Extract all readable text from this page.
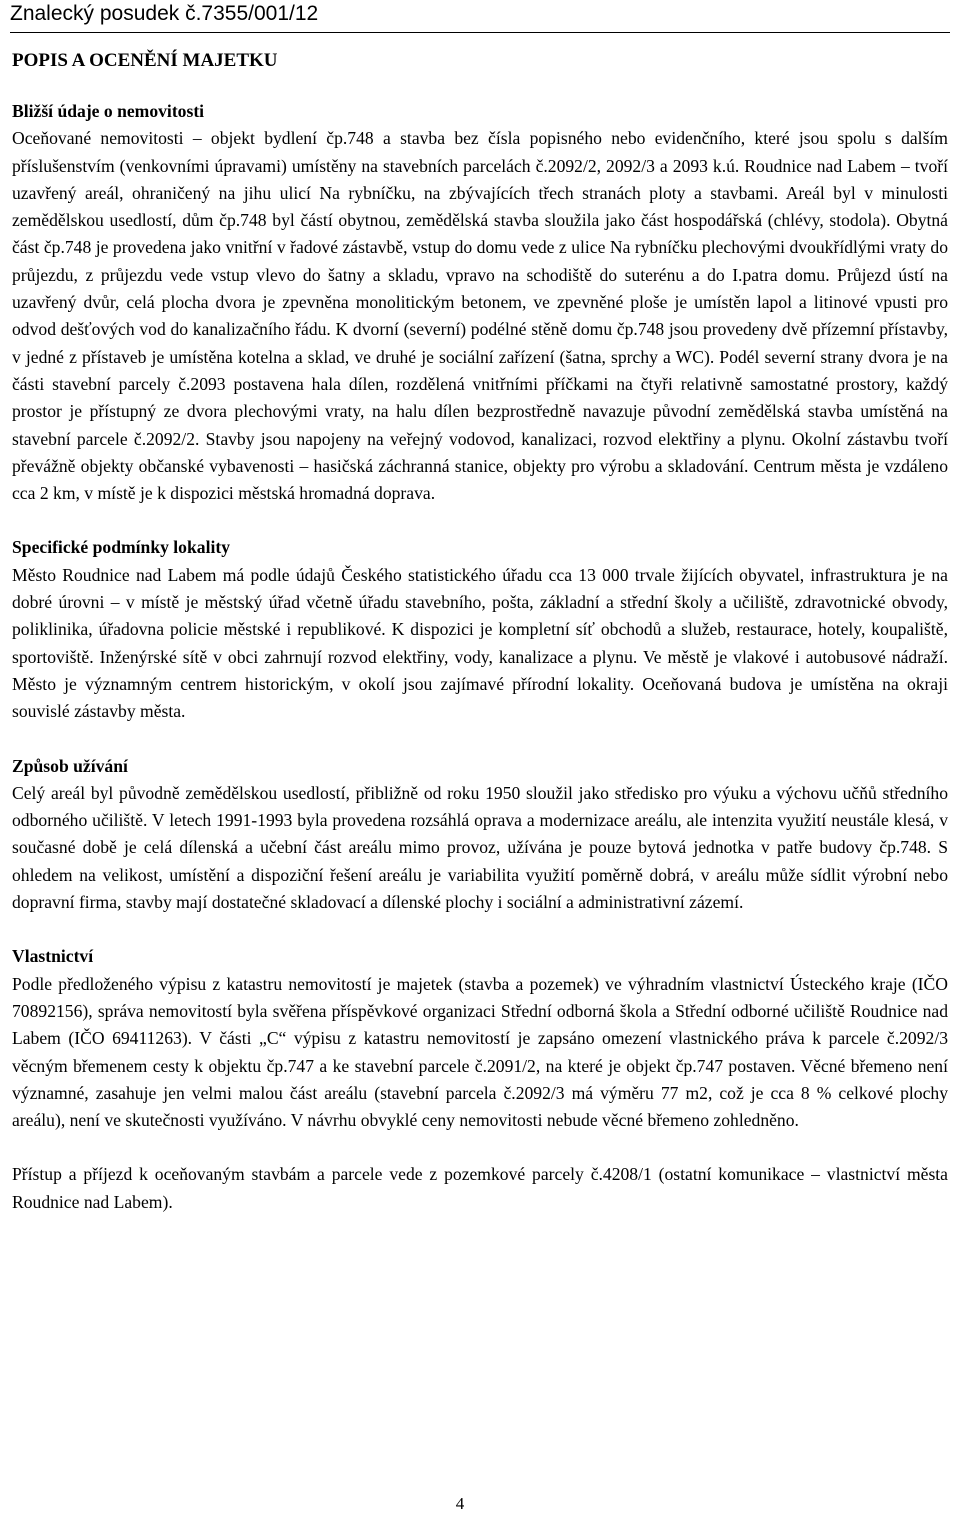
Znalecký posudek č.7355/001/12
POPIS A OCENĚNÍ MAJETKU
Bližší údaje o nemovitosti

Oceňované nemovitosti – objekt bydlení čp.748 a stavba bez čísla popisného nebo evidenčního, které jsou spolu s dalším příslušenstvím (venkovními úpravami) umístěny na stavebních parcelách č.2092/2, 2092/3 a 2093 k.ú. Roudnice nad Labem – tvoří uzavřený areál, ohraničený na jihu ulicí Na rybníčku, na zbývajících třech stranách ploty a stavbami. Areál byl v minulosti zemědělskou usedlostí, dům čp.748 byl částí obytnou, zemědělská stavba sloužila jako část hospodářská (chlévy, stodola). Obytná část čp.748 je provedena jako vnitřní v řadové zástavbě, vstup do domu vede z ulice Na rybníčku plechovými dvoukřídlými vraty do průjezdu, z průjezdu vede vstup vlevo do šatny a skladu, vpravo na schodiště do suterénu a do I.patra domu. Průjezd ústí na uzavřený dvůr, celá plocha dvora je zpevněna monolitickým betonem, ve zpevněné ploše je umístěn lapol a litinové vpusti pro odvod dešťových vod do kanalizačního řádu. K dvorní (severní) podélné stěně domu čp.748 jsou provedeny dvě přízemní přístavby, v jedné z přístaveb je umístěna kotelna a sklad, ve druhé je sociální zařízení (šatna, sprchy a WC). Podél severní strany dvora je na části stavební parcely č.2093 postavena hala dílen, rozdělená vnitřními příčkami na čtyři relativně samostatné prostory, každý prostor je přístupný ze dvora plechovými vraty, na halu dílen bezprostředně navazuje původní zemědělská stavba umístěná na stavební parcele č.2092/2. Stavby jsou napojeny na veřejný vodovod, kanalizaci, rozvod elektřiny a plynu. Okolní zástavbu tvoří převážně objekty občanské vybavenosti – hasičská záchranná stanice, objekty pro výrobu a skladování. Centrum města je vzdáleno cca 2 km, v místě je k dispozici městská hromadná doprava.

Specifické podmínky lokality

Město Roudnice nad Labem má podle údajů Českého statistického úřadu cca 13 000 trvale žijících obyvatel, infrastruktura je na dobré úrovni – v místě je městský úřad včetně úřadu stavebního, pošta, základní a střední školy a učiliště, zdravotnické obvody, poliklinika, úřadovna policie městské i republikové. K dispozici je kompletní síť obchodů a služeb, restaurace, hotely, koupaliště, sportoviště. Inženýrské sítě v obci zahrnují rozvod elektřiny, vody, kanalizace a plynu. Ve městě je vlakové i autobusové nádraží. Město je významným centrem historickým, v okolí jsou zajímavé přírodní lokality. Oceňovaná budova je umístěna na okraji souvislé zástavby města.

Způsob užívání

Celý areál byl původně zemědělskou usedlostí, přibližně od roku 1950 sloužil jako středisko pro výuku a výchovu učňů středního odborného učiliště. V letech 1991-1993 byla provedena rozsáhlá oprava a modernizace areálu, ale intenzita využití neustále klesá, v současné době je celá dílenská a učební část areálu mimo provoz, užívána je pouze bytová jednotka v patře budovy čp.748. S ohledem na velikost, umístění a dispoziční řešení areálu je variabilita využití poměrně dobrá, v areálu může sídlit výrobní nebo dopravní firma, stavby mají dostatečné skladovací a dílenské plochy i sociální a administrativní zázemí.

Vlastnictví

Podle předloženého výpisu z katastru nemovitostí je majetek (stavba a pozemek) ve výhradním vlastnictví Ústeckého kraje (IČO 70892156), správa nemovitostí byla svěřena příspěvkové organizaci Střední odborná škola a Střední odborné učiliště Roudnice nad Labem (IČO 69411263). V části „C“ výpisu z katastru nemovitostí je zapsáno omezení vlastnického práva k parcele č.2092/3 věcným břemenem cesty k objektu čp.747 a ke stavební parcele č.2091/2, na které je objekt čp.747 postaven. Věcné břemeno není významné, zasahuje jen velmi malou část areálu (stavební parcela č.2092/3 má výměru 77 m2, což je cca 8 % celkové plochy areálu), není ve skutečnosti využíváno. V návrhu obvyklé ceny nemovitosti nebude věcné břemeno zohledněno.

Přístup a příjezd k oceňovaným stavbám a parcele vede z pozemkové parcely č.4208/1 (ostatní komunikace – vlastnictví města Roudnice nad Labem).

4
